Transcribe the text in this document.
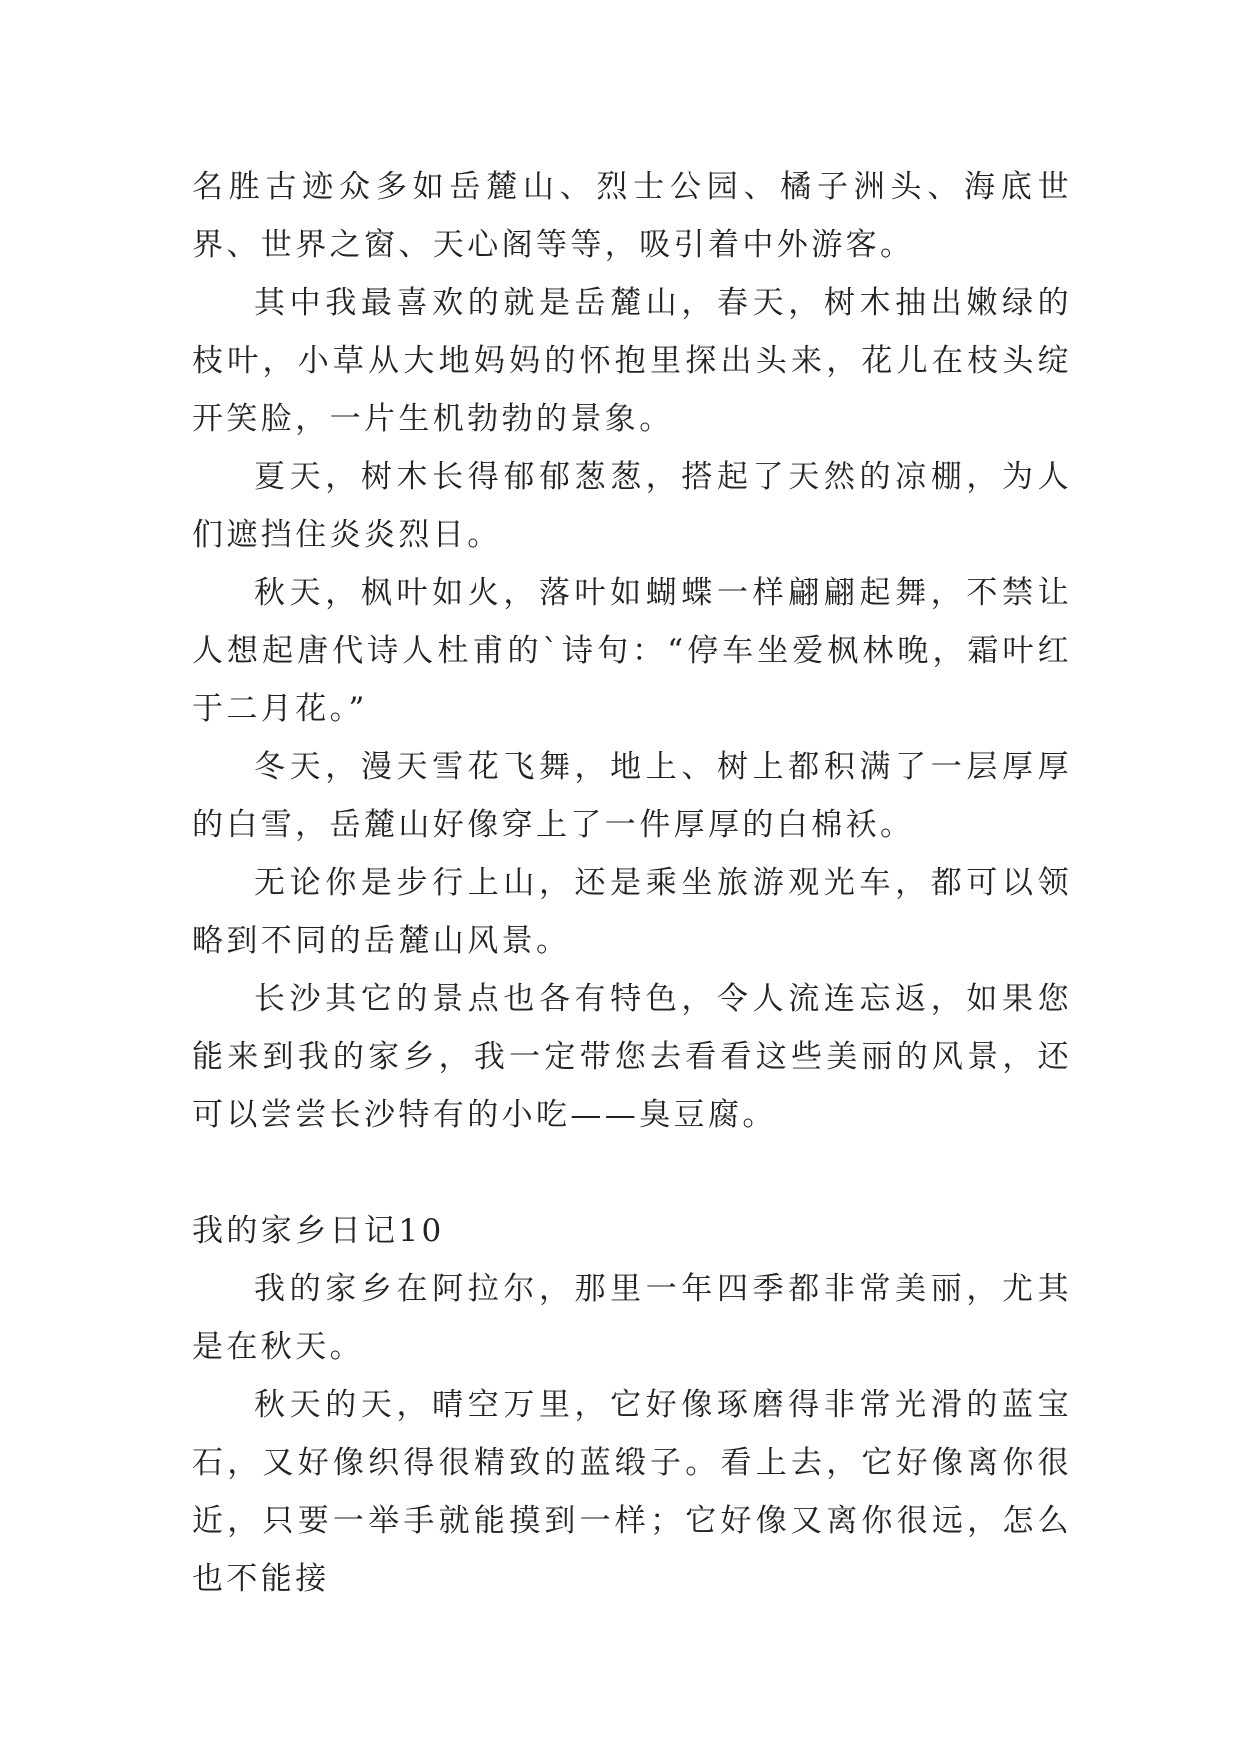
名胜古迹众多如岳麓山、烈士公园、橘子洲头、海底世界、世界之窗、天心阁等等，吸引着中外游客。

其中我最喜欢的就是岳麓山，春天，树木抽出嫩绿的枝叶，小草从大地妈妈的怀抱里探出头来，花儿在枝头绽开笑脸，一片生机勃勃的景象。

夏天，树木长得郁郁葱葱，搭起了天然的凉棚，为人们遮挡住炎炎烈日。

秋天，枫叶如火，落叶如蝴蝶一样翩翩起舞，不禁让人想起唐代诗人杜甫的`诗句：“停车坐爱枫林晚，霜叶红于二月花。”

冬天，漫天雪花飞舞，地上、树上都积满了一层厚厚的白雪，岳麓山好像穿上了一件厚厚的白棉袄。

无论你是步行上山，还是乘坐旅游观光车，都可以领略到不同的岳麓山风景。

长沙其它的景点也各有特色，令人流连忘返，如果您能来到我的家乡，我一定带您去看看这些美丽的风景，还可以尝尝长沙特有的小吃——臭豆腐。

我的家乡日记10

我的家乡在阿拉尔，那里一年四季都非常美丽，尤其是在秋天。

秋天的天，晴空万里，它好像琢磨得非常光滑的蓝宝石，又好像织得很精致的蓝缎子。看上去，它好像离你很近，只要一举手就能摸到一样；它好像又离你很远，怎么也不能接
